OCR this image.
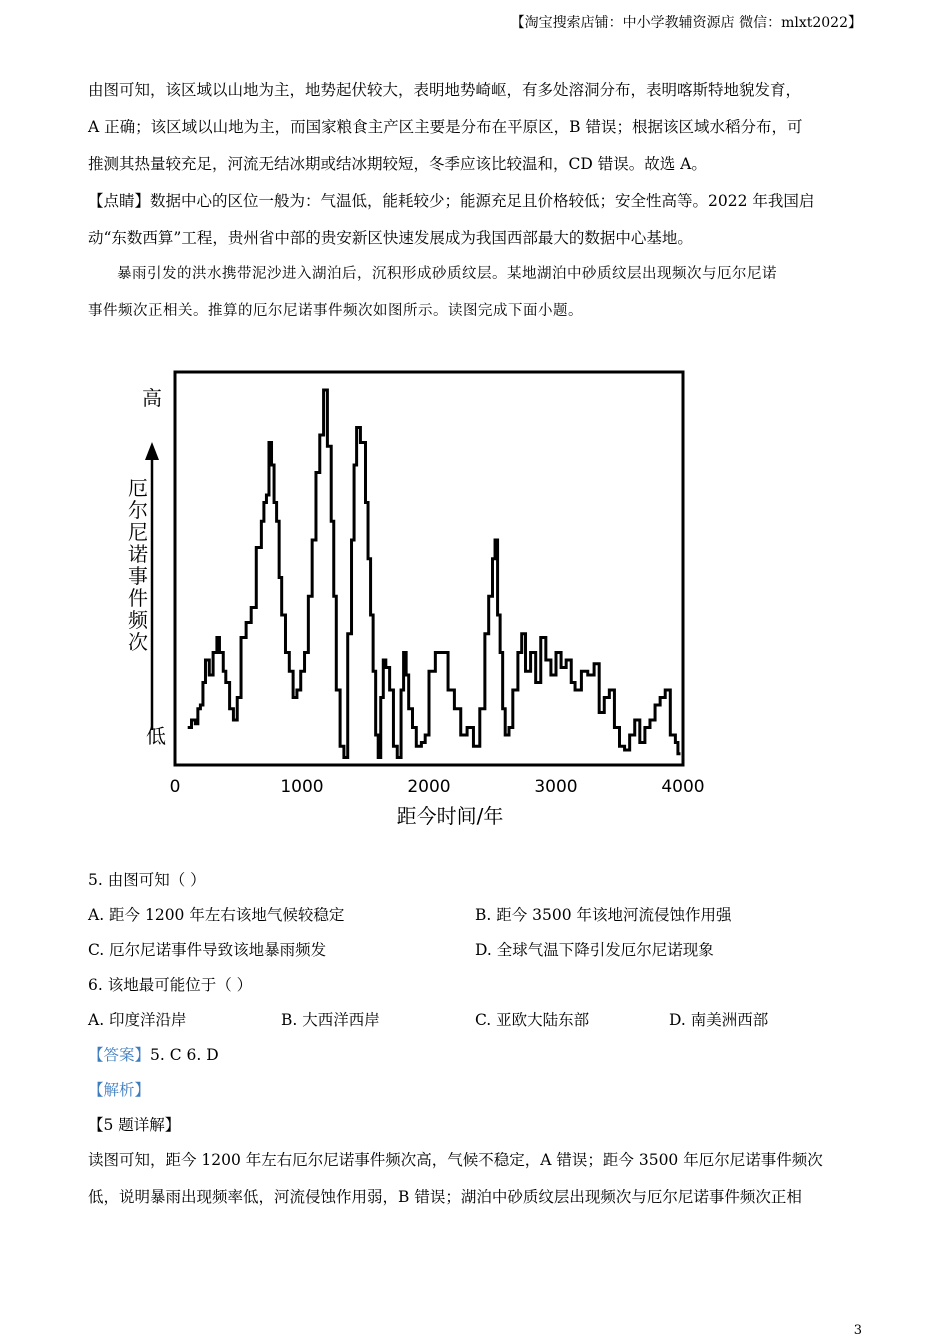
【淘宝搜索店铺：中小学教辅资源店 微信：mlxt2022】

由图可知，该区域以山地为主，地势起伏较大，表明地势崎岖，有多处溶洞分布，表明喀斯特地貌发育，

A 正确；该区域以山地为主，而国家粮食主产区主要是分布在平原区，B 错误；根据该区域水稻分布，可

推测其热量较充足，河流无结冰期或结冰期较短，冬季应该比较温和，CD 错误。故选 A。

【点睛】数据中心的区位一般为：气温低，能耗较少；能源充足且价格较低；安全性高等。2022 年我国启

动“东数西算”工程，贵州省中部的贵安新区快速发展成为我国西部最大的数据中心基地。

暴雨引发的洪水携带泥沙进入湖泊后，沉积形成砂质纹层。某地湖泊中砂质纹层出现频次与厄尔尼诺

事件频次正相关。推算的厄尔尼诺事件频次如图所示。读图完成下面小题。

高
低
厄尔尼诺事件频次
0	1000	2000	3000	4000
距今时间/年
5. 由图可知（ ）
A. 距今 1200 年左右该地气候较稳定	B. 距今 3500 年该地河流侵蚀作用强
C. 厄尔尼诺事件导致该地暴雨频发	D. 全球气温下降引发厄尔尼诺现象
6. 该地最可能位于（ ）
A. 印度洋沿岸	B. 大西洋西岸	C. 亚欧大陆东部	D. 南美洲西部
【答案】5. C 6. D
【解析】
【5 题详解】

读图可知，距今 1200 年左右厄尔尼诺事件频次高，气候不稳定，A 错误；距今 3500 年厄尔尼诺事件频次

低，说明暴雨出现频率低，河流侵蚀作用弱，B 错误；湖泊中砂质纹层出现频次与厄尔尼诺事件频次正相

3
